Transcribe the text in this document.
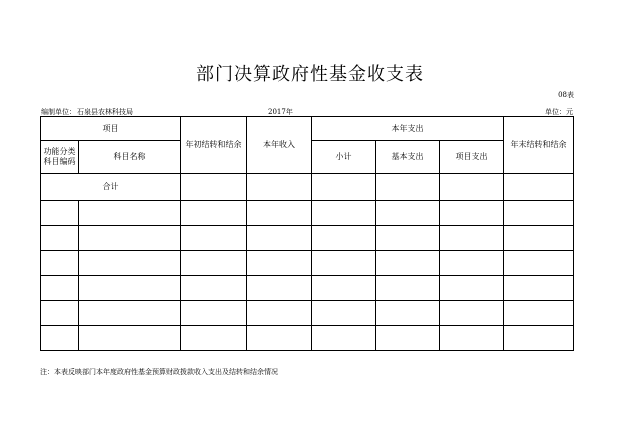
部门决算政府性基金收支表
08表
编制单位：石泉县农林科技局	2017年	单位：元
项目		年初结转和结余	本年收入	本年支出			年末结转和结余
功能分类科目编码	科目名称			小计	基本支出	项目支出	
合计							

注：本表反映部门本年度政府性基金预算财政拨款收入支出及结转和结余情况
